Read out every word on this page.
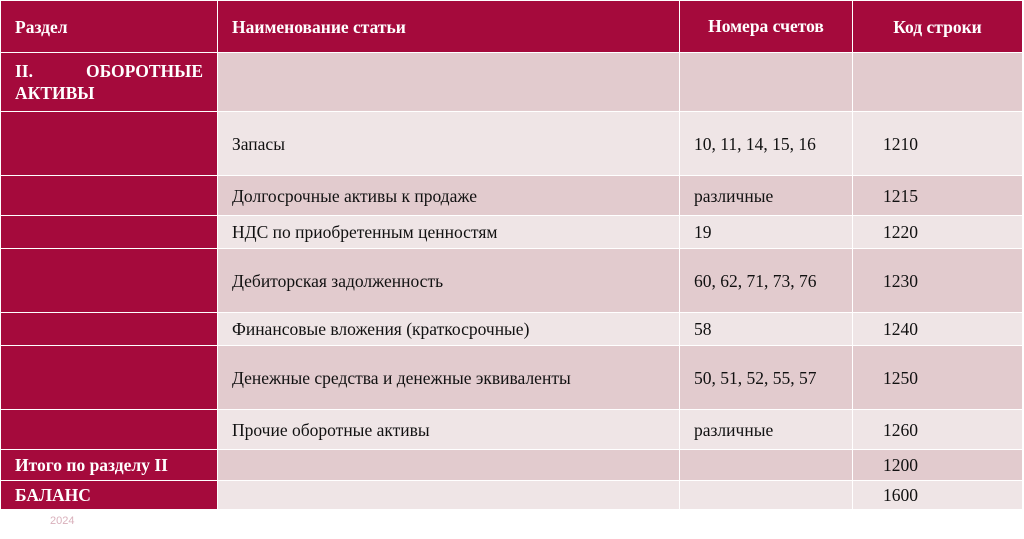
Раздел	Наименование статьи	Номера счетов	Код строки
II. ОБОРОТНЫЕ АКТИВЫ			
	Запасы	10, 11, 14, 15, 16	1210
	Долгосрочные активы к продаже	различные	1215
	НДС по приобретенным ценностям	19	1220
	Дебиторская задолженность	60, 62, 71, 73, 76	1230
	Финансовые вложения (краткосрочные)	58	1240
	Денежные средства и денежные эквиваленты	50, 51, 52, 55, 57	1250
	Прочие оборотные активы	различные	1260
Итого по разделу II			1200
БАЛАНС			1600
2024
